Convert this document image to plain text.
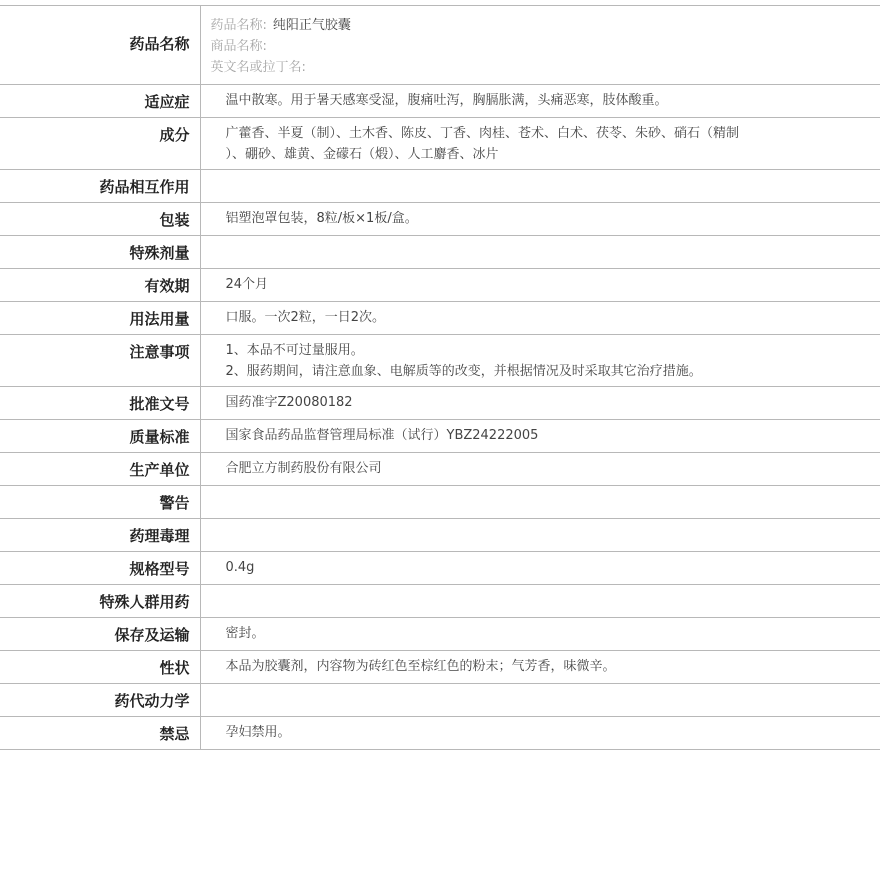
药品名称	药品名称: 纯阳正气胶囊
商品名称:
英文名或拉丁名:

适应症	温中散寒。用于暑天感寒受湿，腹痛吐泻，胸膈胀满，头痛恶寒，肢体酸重。

成分	广藿香、半夏（制）、土木香、陈皮、丁香、肉桂、苍术、白术、茯苓、朱砂、硝石（精制
）、硼砂、雄黄、金礞石（煅）、人工麝香、冰片

药品相互作用	

包装	铝塑泡罩包装，8粒/板×1板/盒。

特殊剂量	

有效期	24个月

用法用量	口服。一次2粒，一日2次。

注意事项	1、本品不可过量服用。
2、服药期间，请注意血象、电解质等的改变，并根据情况及时采取其它治疗措施。

批准文号	国药准字Z20080182

质量标准	国家食品药品监督管理局标准（试行）YBZ24222005

生产单位	合肥立方制药股份有限公司

警告	

药理毒理	

规格型号	0.4g

特殊人群用药	

保存及运输	密封。

性状	本品为胶囊剂，内容物为砖红色至棕红色的粉末；气芳香，味微辛。

药代动力学	

禁忌	孕妇禁用。
